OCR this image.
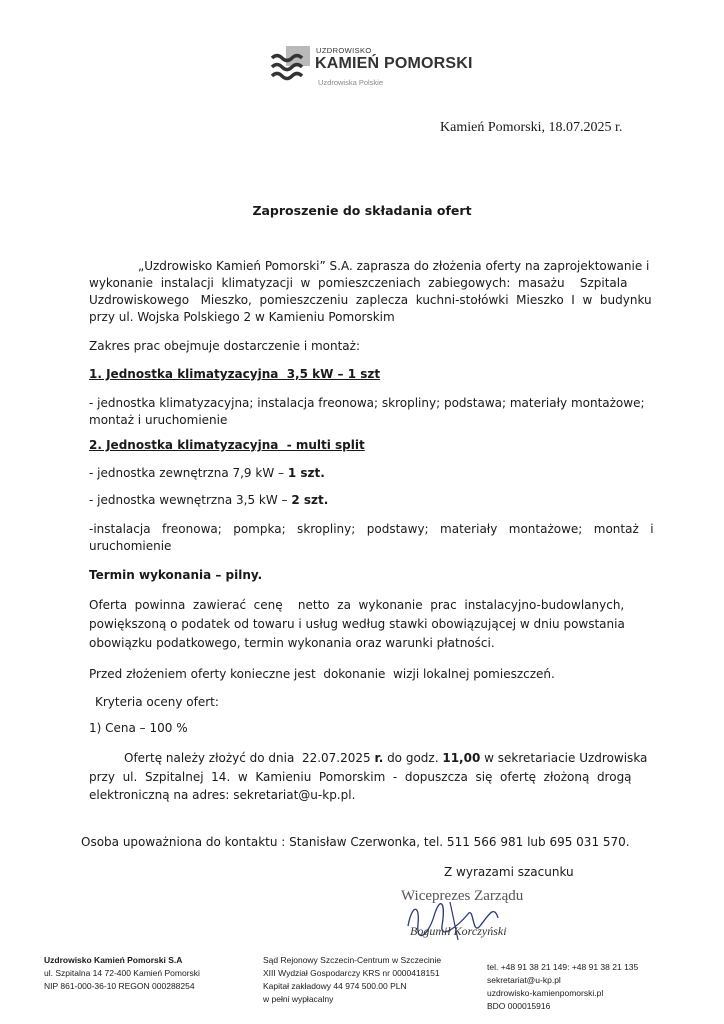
UZDROWISKO
KAMIEŃ POMORSKI
Uzdrowiska Polskie
Kamień Pomorski, 18.07.2025 r.
Zaproszenie do składania ofert
„Uzdrowisko Kamień Pomorski” S.A. zaprasza do złożenia oferty na zaprojektowanie i
wykonanie  instalacji  klimatyzacji  w  pomieszczeniach  zabiegowych:  masażu    Szpitala
Uzdrowiskowego   Mieszko,  pomieszczeniu  zaplecza  kuchni-stołówki  Mieszko  I  w  budynku
przy ul. Wojska Polskiego 2 w Kamieniu Pomorskim
Zakres prac obejmuje dostarczenie i montaż:
1. Jednostka klimatyzacyjna  3,5 kW – 1 szt
- jednostka klimatyzacyjna; instalacja freonowa; skropliny; podstawa; materiały montażowe;
montaż i uruchomienie
2. Jednostka klimatyzacyjna  - multi split
- jednostka zewnętrzna 7,9 kW – 1 szt.
- jednostka wewnętrzna 3,5 kW – 2 szt.
-instalacja   freonowa;   pompka;   skropliny;   podstawy;   materiały   montażowe;   montaż   i
uruchomienie
Termin wykonania – pilny.
Oferta  powinna  zawierać  cenę    netto  za  wykonanie  prac  instalacyjno-budowlanych,
powiększoną o podatek od towaru i usług według stawki obowiązującej w dniu powstania
obowiązku podatkowego, termin wykonania oraz warunki płatności.
Przed złożeniem oferty konieczne jest  dokonanie  wizji lokalnej pomieszczeń.
Kryteria oceny ofert:
1) Cena – 100 %
Ofertę należy złożyć do dnia  22.07.2025 r. do godz. 11,00 w sekretariacie Uzdrowiska
przy  ul.  Szpitalnej  14.  w  Kamieniu  Pomorskim  -  dopuszcza  się  ofertę  złożoną  drogą
elektroniczną na adres: sekretariat@u-kp.pl.
Osoba upoważniona do kontaktu : Stanisław Czerwonka, tel. 511 566 981 lub 695 031 570.
Z wyrazami szacunku
Wiceprezes Zarządu
Bogumił Korczyński
Uzdrowisko Kamień Pomorski S.A
ul. Szpitalna 14 72-400 Kamień Pomorski
NIP 861-000-36-10 REGON 000288254
Sąd Rejonowy Szczecin-Centrum w Szczecinie
XIII Wydział Gospodarczy KRS nr 0000418151
Kapitał zakładowy 44 974 500.00 PLN
w pełni wypłacalny
tel. +48 91 38 21 149: +48 91 38 21 135
sekretariat@u-kp.pl
uzdrowisko-kamienpomorski.pl
BDO 000015916
